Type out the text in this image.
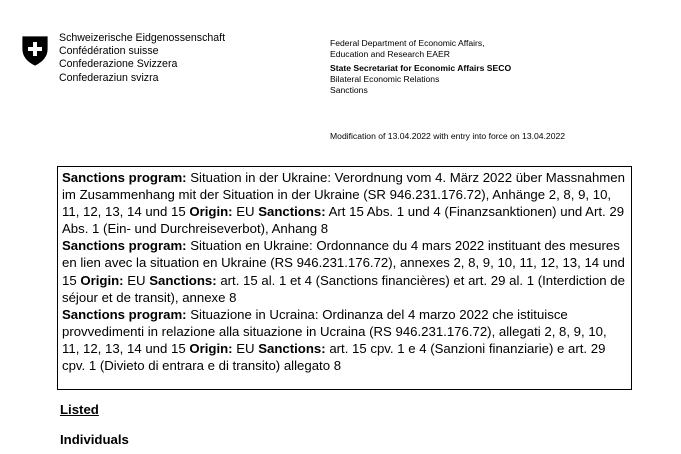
Schweizerische Eidgenossenschaft
Confédération suisse
Confederazione Svizzera
Confederaziun svizra
Federal Department of Economic Affairs,
Education and Research EAER
State Secretariat for Economic Affairs SECO
Bilateral Economic Relations
Sanctions
Modification of 13.04.2022 with entry into force on 13.04.2022

Sanctions program: Situation in der Ukraine: Verordnung vom 4. März 2022 über Massnahmen im Zusammenhang mit der Situation in der Ukraine (SR 946.231.176.72), Anhänge 2, 8, 9, 10, 11, 12, 13, 14 und 15 Origin: EU Sanctions: Art 15 Abs. 1 und 4 (Finanzsanktionen) und Art. 29 Abs. 1 (Ein- und Durchreiseverbot), Anhang 8

Sanctions program: Situation en Ukraine: Ordonnance du 4 mars 2022 instituant des mesures en lien avec la situation en Ukraine (RS 946.231.176.72), annexes 2, 8, 9, 10, 11, 12, 13, 14 und 15 Origin: EU Sanctions: art. 15 al. 1 et 4 (Sanctions financières) et art. 29 al. 1 (Interdiction de séjour et de transit), annexe 8

Sanctions program: Situazione in Ucraina: Ordinanza del 4 marzo 2022 che istituisce provvedimenti in relazione alla situazione in Ucraina (RS 946.231.176.72), allegati 2, 8, 9, 10, 11, 12, 13, 14 und 15 Origin: EU Sanctions: art. 15 cpv. 1 e 4 (Sanzioni finanziarie) e art. 29 cpv. 1 (Divieto di entrara e di transito) allegato 8

Listed
Individuals
